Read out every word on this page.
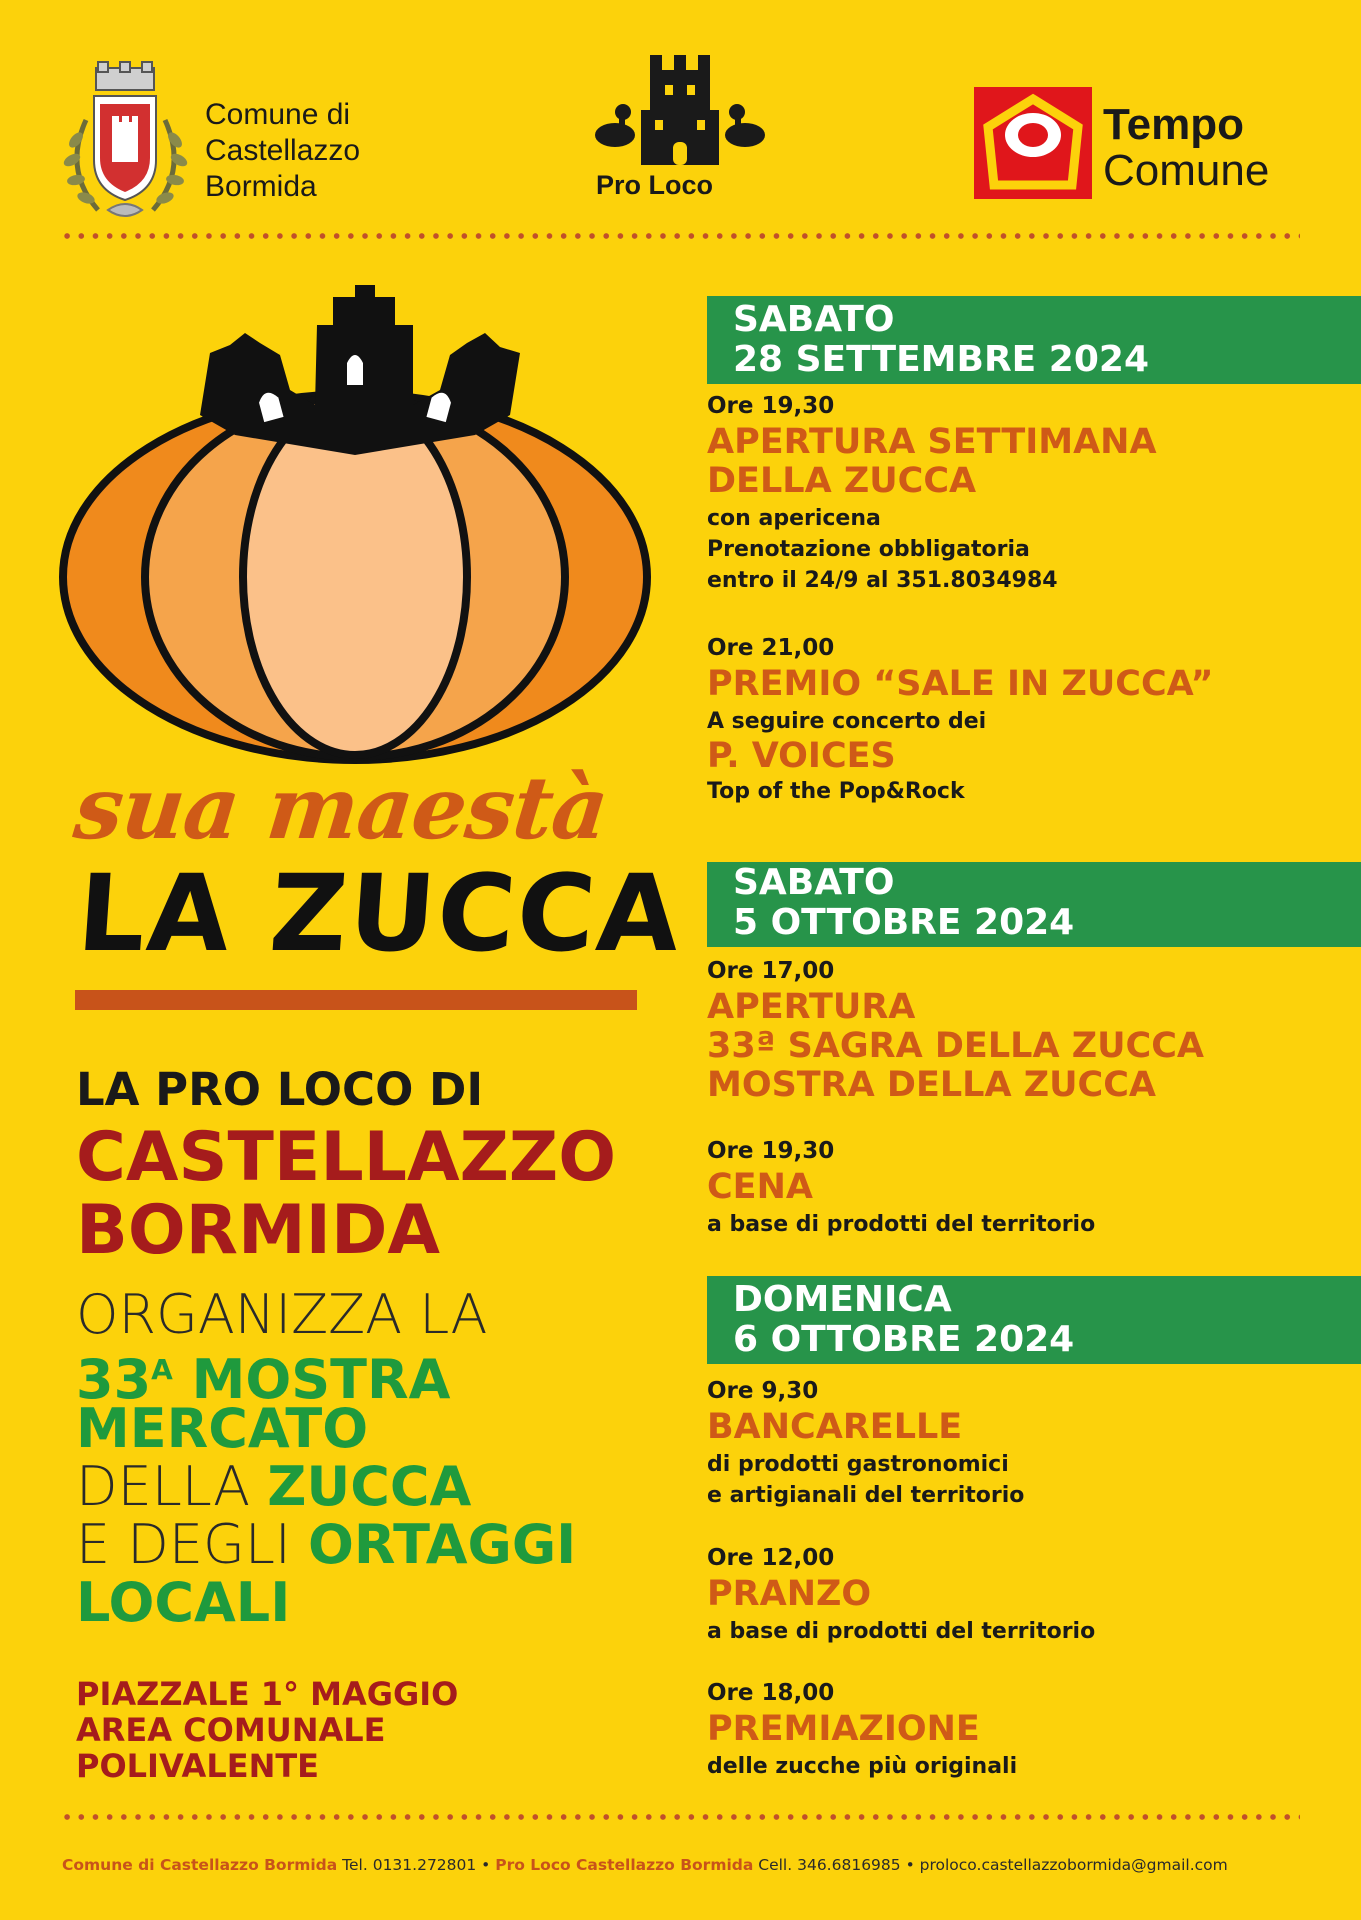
Comune di
Castellazzo
Bormida	Pro Loco
Tempo
Comune
sua maestà
LA ZUCCA
LA PRO LOCO DI
CASTELLAZZO
BORMIDA
ORGANIZZA LA
$33^A$ MOSTRA
MERCATO
DELLA ZUCCA
E DEGLI ORTAGGI
LOCALI
PIAZZALE 1° MAGGIO
AREA COMUNALE
POLIVALENTE
SABATO
28 SETTEMBRE 2024
Ore 19,30
APERTURA SETTIMANA
DELLA ZUCCA
con apericena
Prenotazione obbligatoria
entro il 24/9 al 351.8034984
Ore 21,00
PREMIO “SALE IN ZUCCA”
A seguire concerto dei
P. VOICES
Top of the Pop&Rock
SABATO
5 OTTOBRE 2024
Ore 17,00
APERTURA
33ª SAGRA DELLA ZUCCA
MOSTRA DELLA ZUCCA
Ore 19,30
CENA
a base di prodotti del territorio
DOMENICA
6 OTTOBRE 2024
Ore 9,30
BANCARELLE
di prodotti gastronomici
e artigianali del territorio
Ore 12,00
PRANZO
a base di prodotti del territorio
Ore 18,00
PREMIAZIONE
delle zucche più originali
Comune di Castellazzo Bormida Tel. 0131.272801 • Pro Loco Castellazzo Bormida Cell. 346.6816985 • proloco.castellazzobormida@gmail.com
